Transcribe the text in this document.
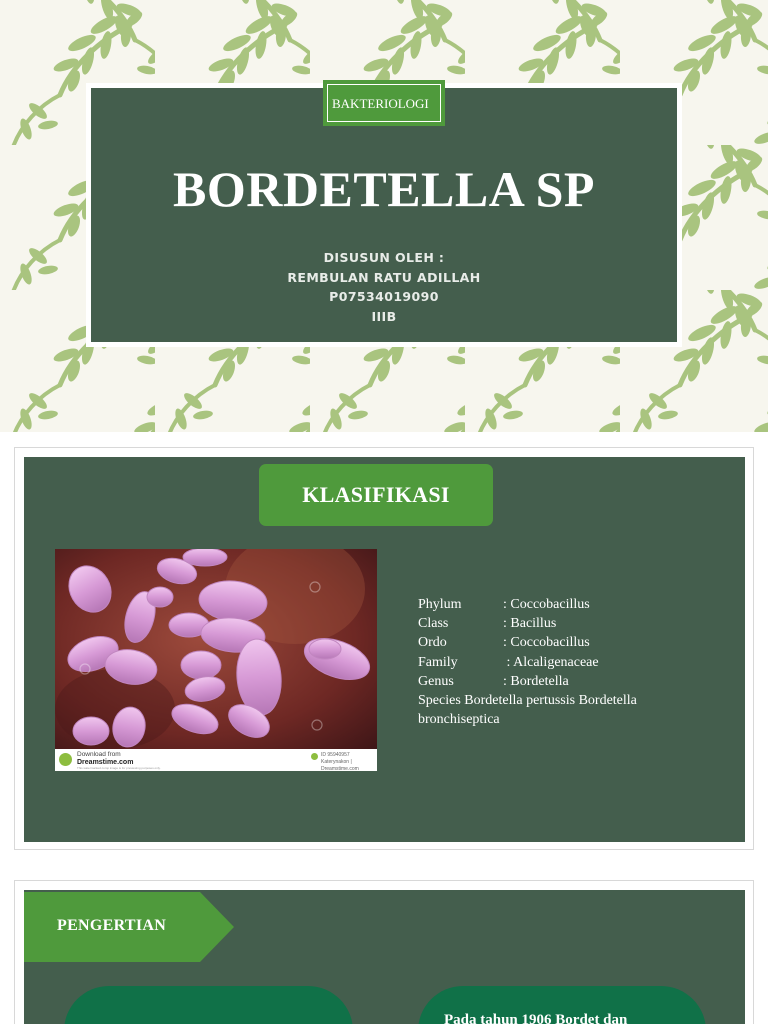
BAKTERIOLOGI
BORDETELLA SP
DISUSUN OLEH :
REMBULAN RATU ADILLAH
P07534019090
IIIB
KLASIFIKASI
Download from
Dreamstime.com
This watermarked comp image is for previewing purposes only.
ID 95940957
Katerynakon | Dreamstime.com
Phylum	: Coccobacillus
Class	: Bacillus
Ordo	: Coccobacillus
Family	: Alcaligenaceae
Genus	: Bordetella
Species Bordetella pertussis Bordetella bronchiseptica
PENGERTIAN
Pada tahun 1906 Bordet dan
